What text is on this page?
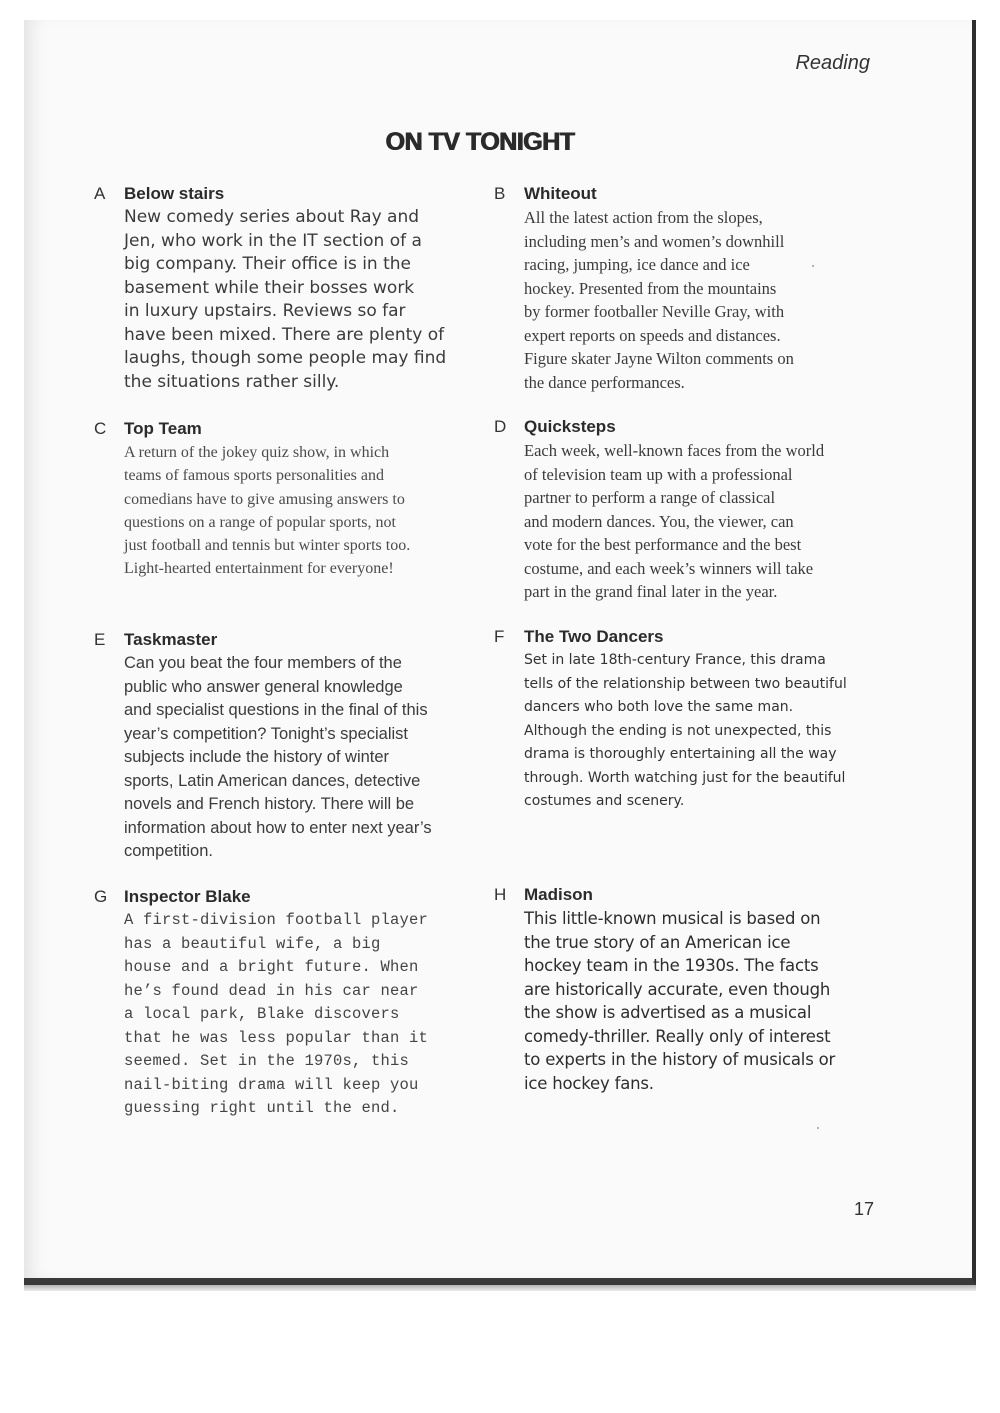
Reading
ON TV TONIGHT
A	Below stairs
New comedy series about Ray and
Jen, who work in the IT section of a
big company. Their office is in the
basement while their bosses work
in luxury upstairs. Reviews so far
have been mixed. There are plenty of
laughs, though some people may find
the situations rather silly.
B	Whiteout
All the latest action from the slopes,
including men’s and women’s downhill
racing, jumping, ice dance and ice
hockey. Presented from the mountains
by former footballer Neville Gray, with
expert reports on speeds and distances.
Figure skater Jayne Wilton comments on
the dance performances.
C	Top Team
A return of the jokey quiz show, in which
teams of famous sports personalities and
comedians have to give amusing answers to
questions on a range of popular sports, not
just football and tennis but winter sports too.
Light-hearted entertainment for everyone!
D	Quicksteps
Each week, well-known faces from the world
of television team up with a professional
partner to perform a range of classical
and modern dances. You, the viewer, can
vote for the best performance and the best
costume, and each week’s winners will take
part in the grand final later in the year.
E	Taskmaster
Can you beat the four members of the
public who answer general knowledge
and specialist questions in the final of this
year’s competition? Tonight’s specialist
subjects include the history of winter
sports, Latin American dances, detective
novels and French history. There will be
information about how to enter next year’s
competition.
F	The Two Dancers
Set in late 18th-century France, this drama
tells of the relationship between two beautiful
dancers who both love the same man.
Although the ending is not unexpected, this
drama is thoroughly entertaining all the way
through. Worth watching just for the beautiful
costumes and scenery.
G Inspector Blake
A first-division football player
has a beautiful wife, a big
house and a bright future. When
he’s found dead in his car near
a local park, Blake discovers
that he was less popular than it
seemed. Set in the 1970s, this
nail-biting drama will keep you
guessing right until the end.
H	Madison
This little-known musical is based on
the true story of an American ice
hockey team in the 1930s. The facts
are historically accurate, even though
the show is advertised as a musical
comedy-thriller. Really only of interest
to experts in the history of musicals or
ice hockey fans.
17
